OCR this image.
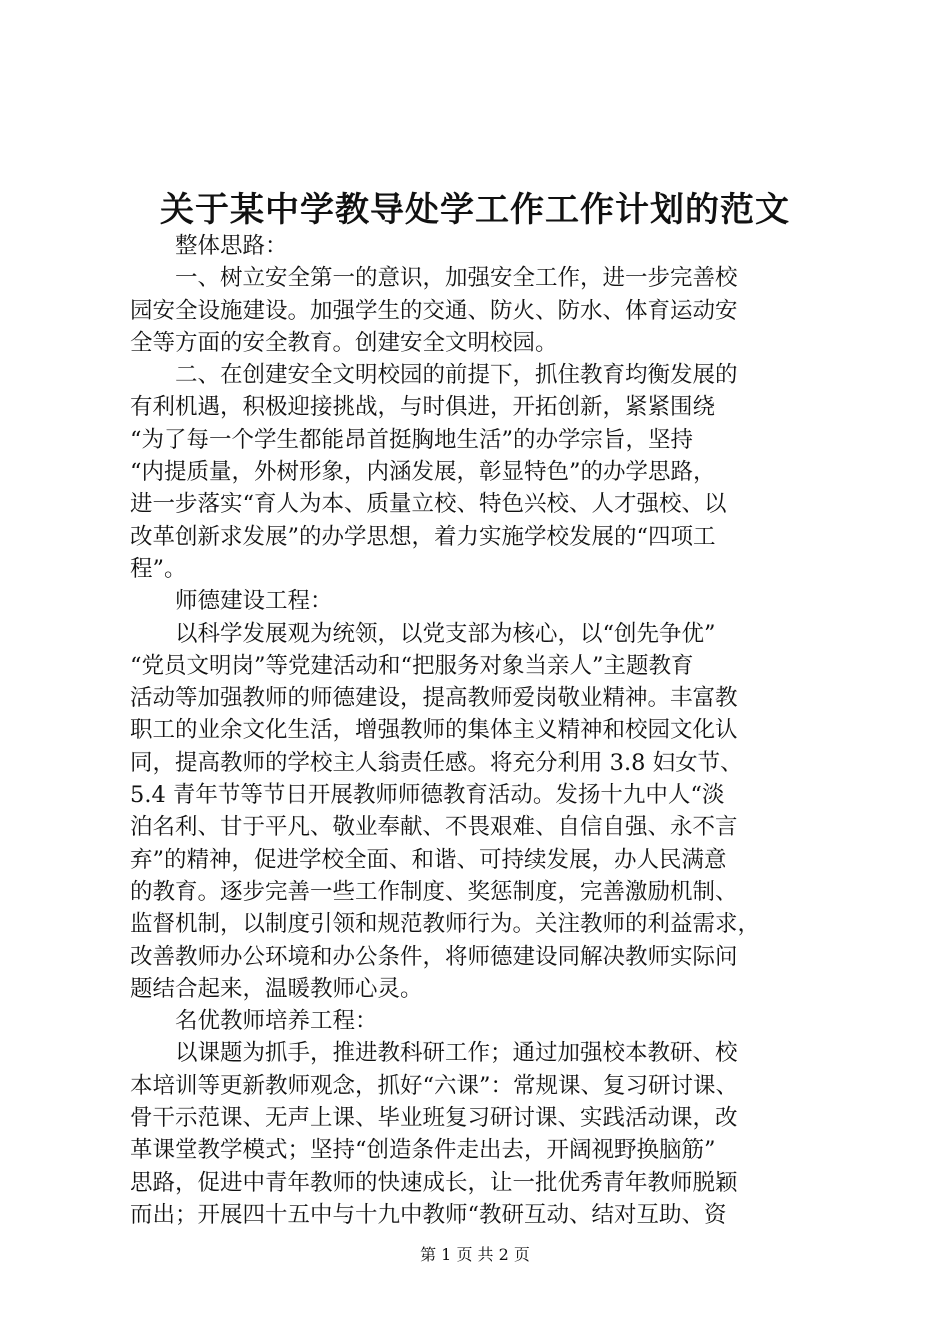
关于某中学教导处学工作工作计划的范文
　　整体思路：
　　一、树立安全第一的意识，加强安全工作，进一步完善校
园安全设施建设。加强学生的交通、防火、防水、体育运动安
全等方面的安全教育。创建安全文明校园。
　　二、在创建安全文明校园的前提下，抓住教育均衡发展的
有利机遇，积极迎接挑战，与时俱进，开拓创新，紧紧围绕
“为了每一个学生都能昂首挺胸地生活”的办学宗旨，坚持
“内提质量，外树形象，内涵发展，彰显特色”的办学思路，
进一步落实“育人为本、质量立校、特色兴校、人才强校、以
改革创新求发展”的办学思想，着力实施学校发展的“四项工
程”。
　　师德建设工程：
　　以科学发展观为统领，以党支部为核心，以“创先争优”
“党员文明岗”等党建活动和“把服务对象当亲人”主题教育
活动等加强教师的师德建设，提高教师爱岗敬业精神。丰富教
职工的业余文化生活，增强教师的集体主义精神和校园文化认
同，提高教师的学校主人翁责任感。将充分利用 3.8 妇女节、
5.4 青年节等节日开展教师师德教育活动。发扬十九中人“淡
泊名利、甘于平凡、敬业奉献、不畏艰难、自信自强、永不言
弃”的精神，促进学校全面、和谐、可持续发展，办人民满意
的教育。逐步完善一些工作制度、奖惩制度，完善激励机制、
监督机制，以制度引领和规范教师行为。关注教师的利益需求，
改善教师办公环境和办公条件，将师德建设同解决教师实际问
题结合起来，温暖教师心灵。
　　名优教师培养工程：
　　以课题为抓手，推进教科研工作；通过加强校本教研、校
本培训等更新教师观念，抓好“六课”：常规课、复习研讨课、
骨干示范课、无声上课、毕业班复习研讨课、实践活动课，改
革课堂教学模式；坚持“创造条件走出去，开阔视野换脑筋”
思路，促进中青年教师的快速成长，让一批优秀青年教师脱颖
而出；开展四十五中与十九中教师“教研互动、结对互助、资
第 1 页 共 2 页
